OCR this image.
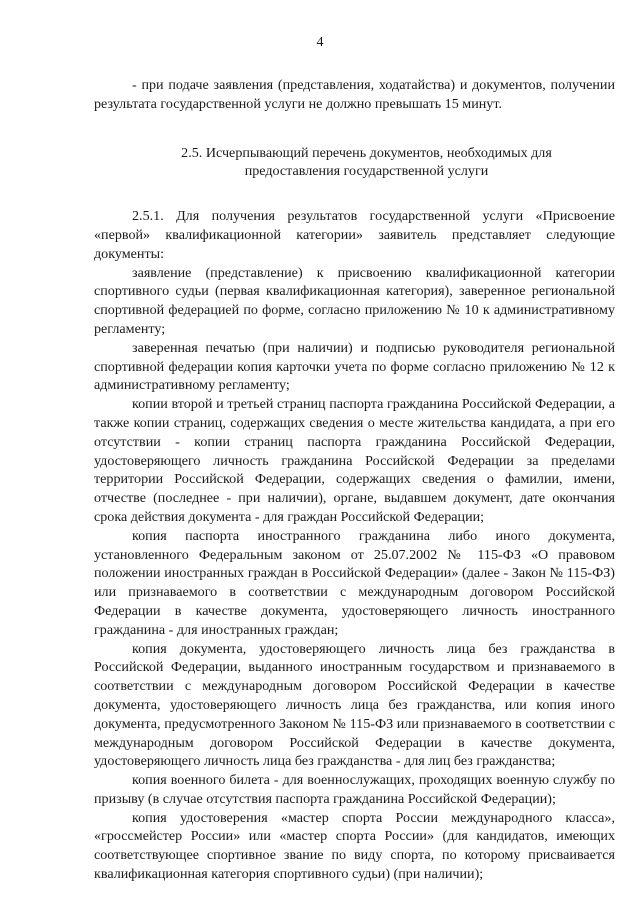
4

- при подаче заявления (представления, ходатайства) и документов, получении результата государственной услуги не должно превышать 15 минут.

2.5. Исчерпывающий перечень документов, необходимых для предоставления государственной услуги

2.5.1. Для получения результатов государственной услуги «Присвоение «первой» квалификационной категории» заявитель представляет следующие документы:

заявление (представление) к присвоению квалификационной категории спортивного судьи (первая квалификационная категория), заверенное региональной спортивной федерацией по форме, согласно приложению № 10 к административному регламенту;

заверенная печатью (при наличии) и подписью руководителя региональной спортивной федерации копия карточки учета по форме согласно приложению № 12 к административному регламенту;

копии второй и третьей страниц паспорта гражданина Российской Федерации, а также копии страниц, содержащих сведения о месте жительства кандидата, а при его отсутствии - копии страниц паспорта гражданина Российской Федерации, удостоверяющего личность гражданина Российской Федерации за пределами территории Российской Федерации, содержащих сведения о фамилии, имени, отчестве (последнее - при наличии), органе, выдавшем документ, дате окончания срока действия документа - для граждан Российской Федерации;

копия паспорта иностранного гражданина либо иного документа, установленного Федеральным законом от 25.07.2002 № 115-ФЗ «О правовом положении иностранных граждан в Российской Федерации» (далее - Закон № 115-ФЗ) или признаваемого в соответствии с международным договором Российской Федерации в качестве документа, удостоверяющего личность иностранного гражданина - для иностранных граждан;

копия документа, удостоверяющего личность лица без гражданства в Российской Федерации, выданного иностранным государством и признаваемого в соответствии с международным договором Российской Федерации в качестве документа, удостоверяющего личность лица без гражданства, или копия иного документа, предусмотренного Законом № 115-ФЗ или признаваемого в соответствии с международным договором Российской Федерации в качестве документа, удостоверяющего личность лица без гражданства - для лиц без гражданства;

копия военного билета - для военнослужащих, проходящих военную службу по призыву (в случае отсутствия паспорта гражданина Российской Федерации);

копия удостоверения «мастер спорта России международного класса», «гроссмейстер России» или «мастер спорта России» (для кандидатов, имеющих соответствующее спортивное звание по виду спорта, по которому присваивается квалификационная категория спортивного судьи) (при наличии);
